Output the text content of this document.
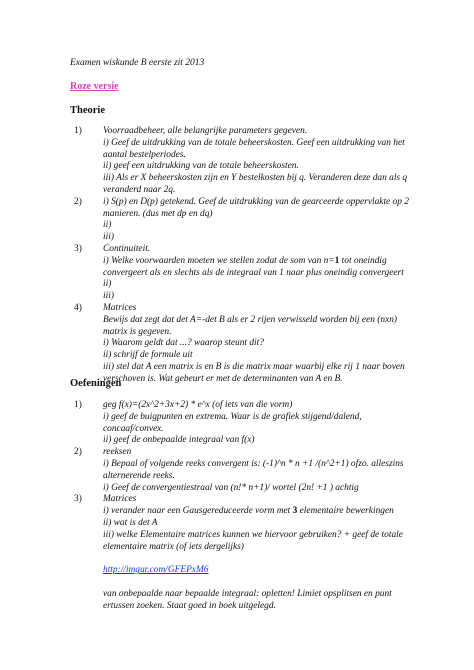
Examen wiskunde B eerste zit 2013
Roze versie
Theorie
1) Voorraadbeheer, alle belangrijke parameters gegeven.
i) Geef de uitdrukking van de totale beheerskosten. Geef een uitdrukking van het
aantal bestelperiodes.
ii) geef een uitdrukking van de totale beheerskosten.
iii) Als er X beheerskosten zijn en Y bestelkosten bij q. Veranderen deze dan als q
veranderd naar 2q.
2) i) S(p) en D(p) getekend. Geef de uitdrukking van de gearceerde oppervlakte op 2
manieren. (dus met dp en dq)
ii)
iii)
3) Continuiteit.
i) Welke voorwaarden moeten we stellen zodat de som van n=1 tot oneindig
convergeert als en slechts als de integraal van 1 naar plus oneindig convergeert
ii)
iii)
4) Matrices
Bewijs dat zegt dat det A=-det B als er 2 rijen verwisseld worden bij een (nxn)
matrix is gegeven.
i) Waarom geldt dat ...? waarop steunt dit?
ii) schrijf de formule uit
iii) stel dat A een matrix is en B is die matrix maar waarbij elke rij 1 naar boven
verschoven is. Wat gebeurt er met de determinanten van A en B.
Oefeningen
1) geg f(x)=(2x^2+3x+2) * e^x (of iets van die vorm)
i) geef de buigpunten en extrema. Waar is de grafiek stijgend/dalend,
concaaf/convex.
ii) geef de onbepaalde integraal van f(x)
2) reeksen
i) Bepaal of volgende reeks convergent is: (-1)^n * n +1 /(n^2+1) ofzo. alleszins
alternerende reeks.
i) Geef de convergentiestraal van (n!* n+1)/ wortel (2n! +1 ) achtig
3) Matrices
i) verander naar een Gausgereduceerde vorm met 3 elementaire bewerkingen
ii) wat is det A
iii) welke Elementaire matrices kunnen we hiervoor gebruiken? + geef de totale
elementaire matrix (of iets dergelijks)
http://imgur.com/GFEPxM6
van onbepaalde naar bepaalde integraal: opletten! Limiet opsplitsen en punt
ertussen zoeken. Staat goed in boek uitgelegd.
